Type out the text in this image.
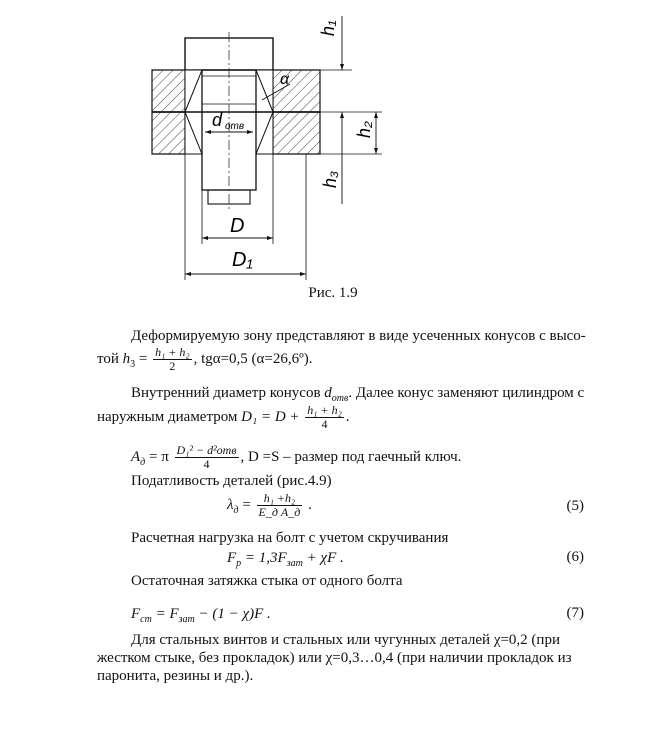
d отв
α
h₁
h₂
h₃
D
D₁
Рис. 1.9
Деформируемую зону представляют в виде усеченных конусов с высо-
той $h_3 = \frac{\text{h₁ + h₂}}{2}$ , tgα=0,5 (α=26,6º).
Внутренний диаметр конусов $d_{отв}$. Далее конус заменяют цилиндром с
наружным диаметром $D_1 = D + \frac{\text{h₁ + h₂}}{4}$ .
$A_д = \pi \frac{\text{D₁² − d²отв}}{4}$ , D =S – размер под гаечный ключ.
Податливость деталей (рис.4.9)
$\lambda_д = \frac{\text{h₁ +h₂}}{\text{E\_д A\_д}}$ .	(5)
Расчетная нагрузка на болт с учетом скручивания
$F_р = 1,3F_{зат} + \chi F$ .	(6)
Остаточная затяжка стыка от одного болта
$F_{ст} = F_{зат} - (1 - \chi)F$ .	(7)
Для стальных винтов и стальных или чугунных деталей χ=0,2 (при
жестком стыке, без прокладок) или χ=0,3…0,4 (при наличии прокладок из
паронита, резины и др.).
